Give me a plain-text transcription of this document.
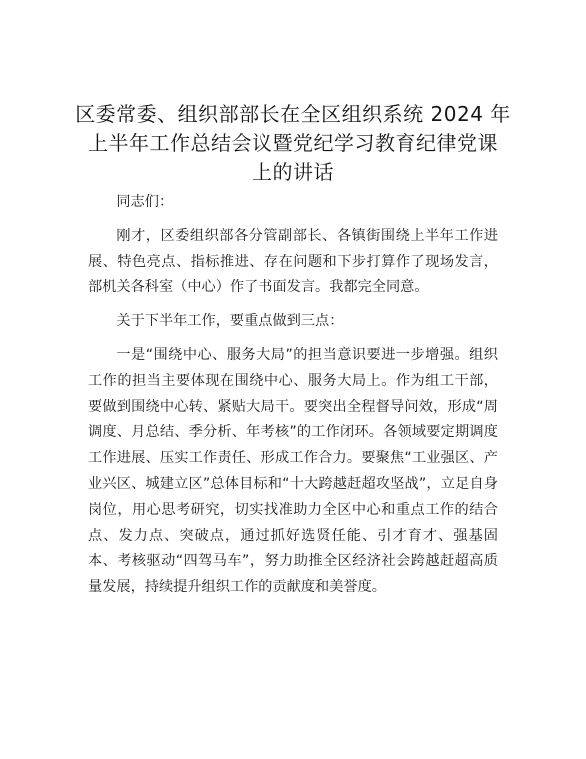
区委常委、组织部部长在全区组织系统 2024 年
上半年工作总结会议暨党纪学习教育纪律党课
上的讲话

同志们：

刚才，区委组织部各分管副部长、各镇街围绕上半年工作进展、特色亮点、指标推进、存在问题和下步打算作了现场发言，部机关各科室（中心）作了书面发言。我都完全同意。

关于下半年工作，要重点做到三点：

一是“围绕中心、服务大局”的担当意识要进一步增强。组织工作的担当主要体现在围绕中心、服务大局上。作为组工干部，要做到围绕中心转、紧贴大局干。要突出全程督导问效，形成“周调度、月总结、季分析、年考核”的工作闭环。各领域要定期调度工作进展、压实工作责任、形成工作合力。要聚焦“工业强区、产业兴区、城建立区”总体目标和“十大跨越赶超攻坚战”，立足自身岗位，用心思考研究，切实找准助力全区中心和重点工作的结合点、发力点、突破点，通过抓好选贤任能、引才育才、强基固本、考核驱动“四驾马车”，努力助推全区经济社会跨越赶超高质量发展，持续提升组织工作的贡献度和美誉度。
